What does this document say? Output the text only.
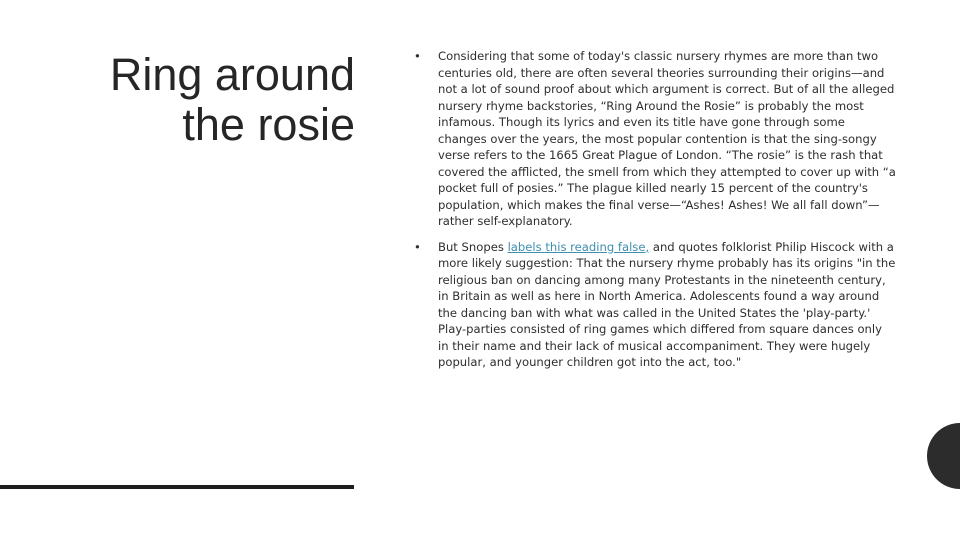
Ring around
the rosie
•	Considering that some of today's classic nursery rhymes are more than two centuries old, there are often several theories surrounding their origins—and not a lot of sound proof about which argument is correct. But of all the alleged nursery rhyme backstories, “Ring Around the Rosie” is probably the most infamous. Though its lyrics and even its title have gone through some changes over the years, the most popular contention is that the sing-songy verse refers to the 1665 Great Plague of London. “The rosie” is the rash that covered the afflicted, the smell from which they attempted to cover up with “a pocket full of posies.” The plague killed nearly 15 percent of the country's population, which makes the final verse—“Ashes! Ashes! We all fall down”—rather self-explanatory.
•	But Snopes labels this reading false, and quotes folklorist Philip Hiscock with a more likely suggestion: That the nursery rhyme probably has its origins "in the religious ban on dancing among many Protestants in the nineteenth century, in Britain as well as here in North America. Adolescents found a way around the dancing ban with what was called in the United States the 'play-party.' Play-parties consisted of ring games which differed from square dances only in their name and their lack of musical accompaniment. They were hugely popular, and younger children got into the act, too."
